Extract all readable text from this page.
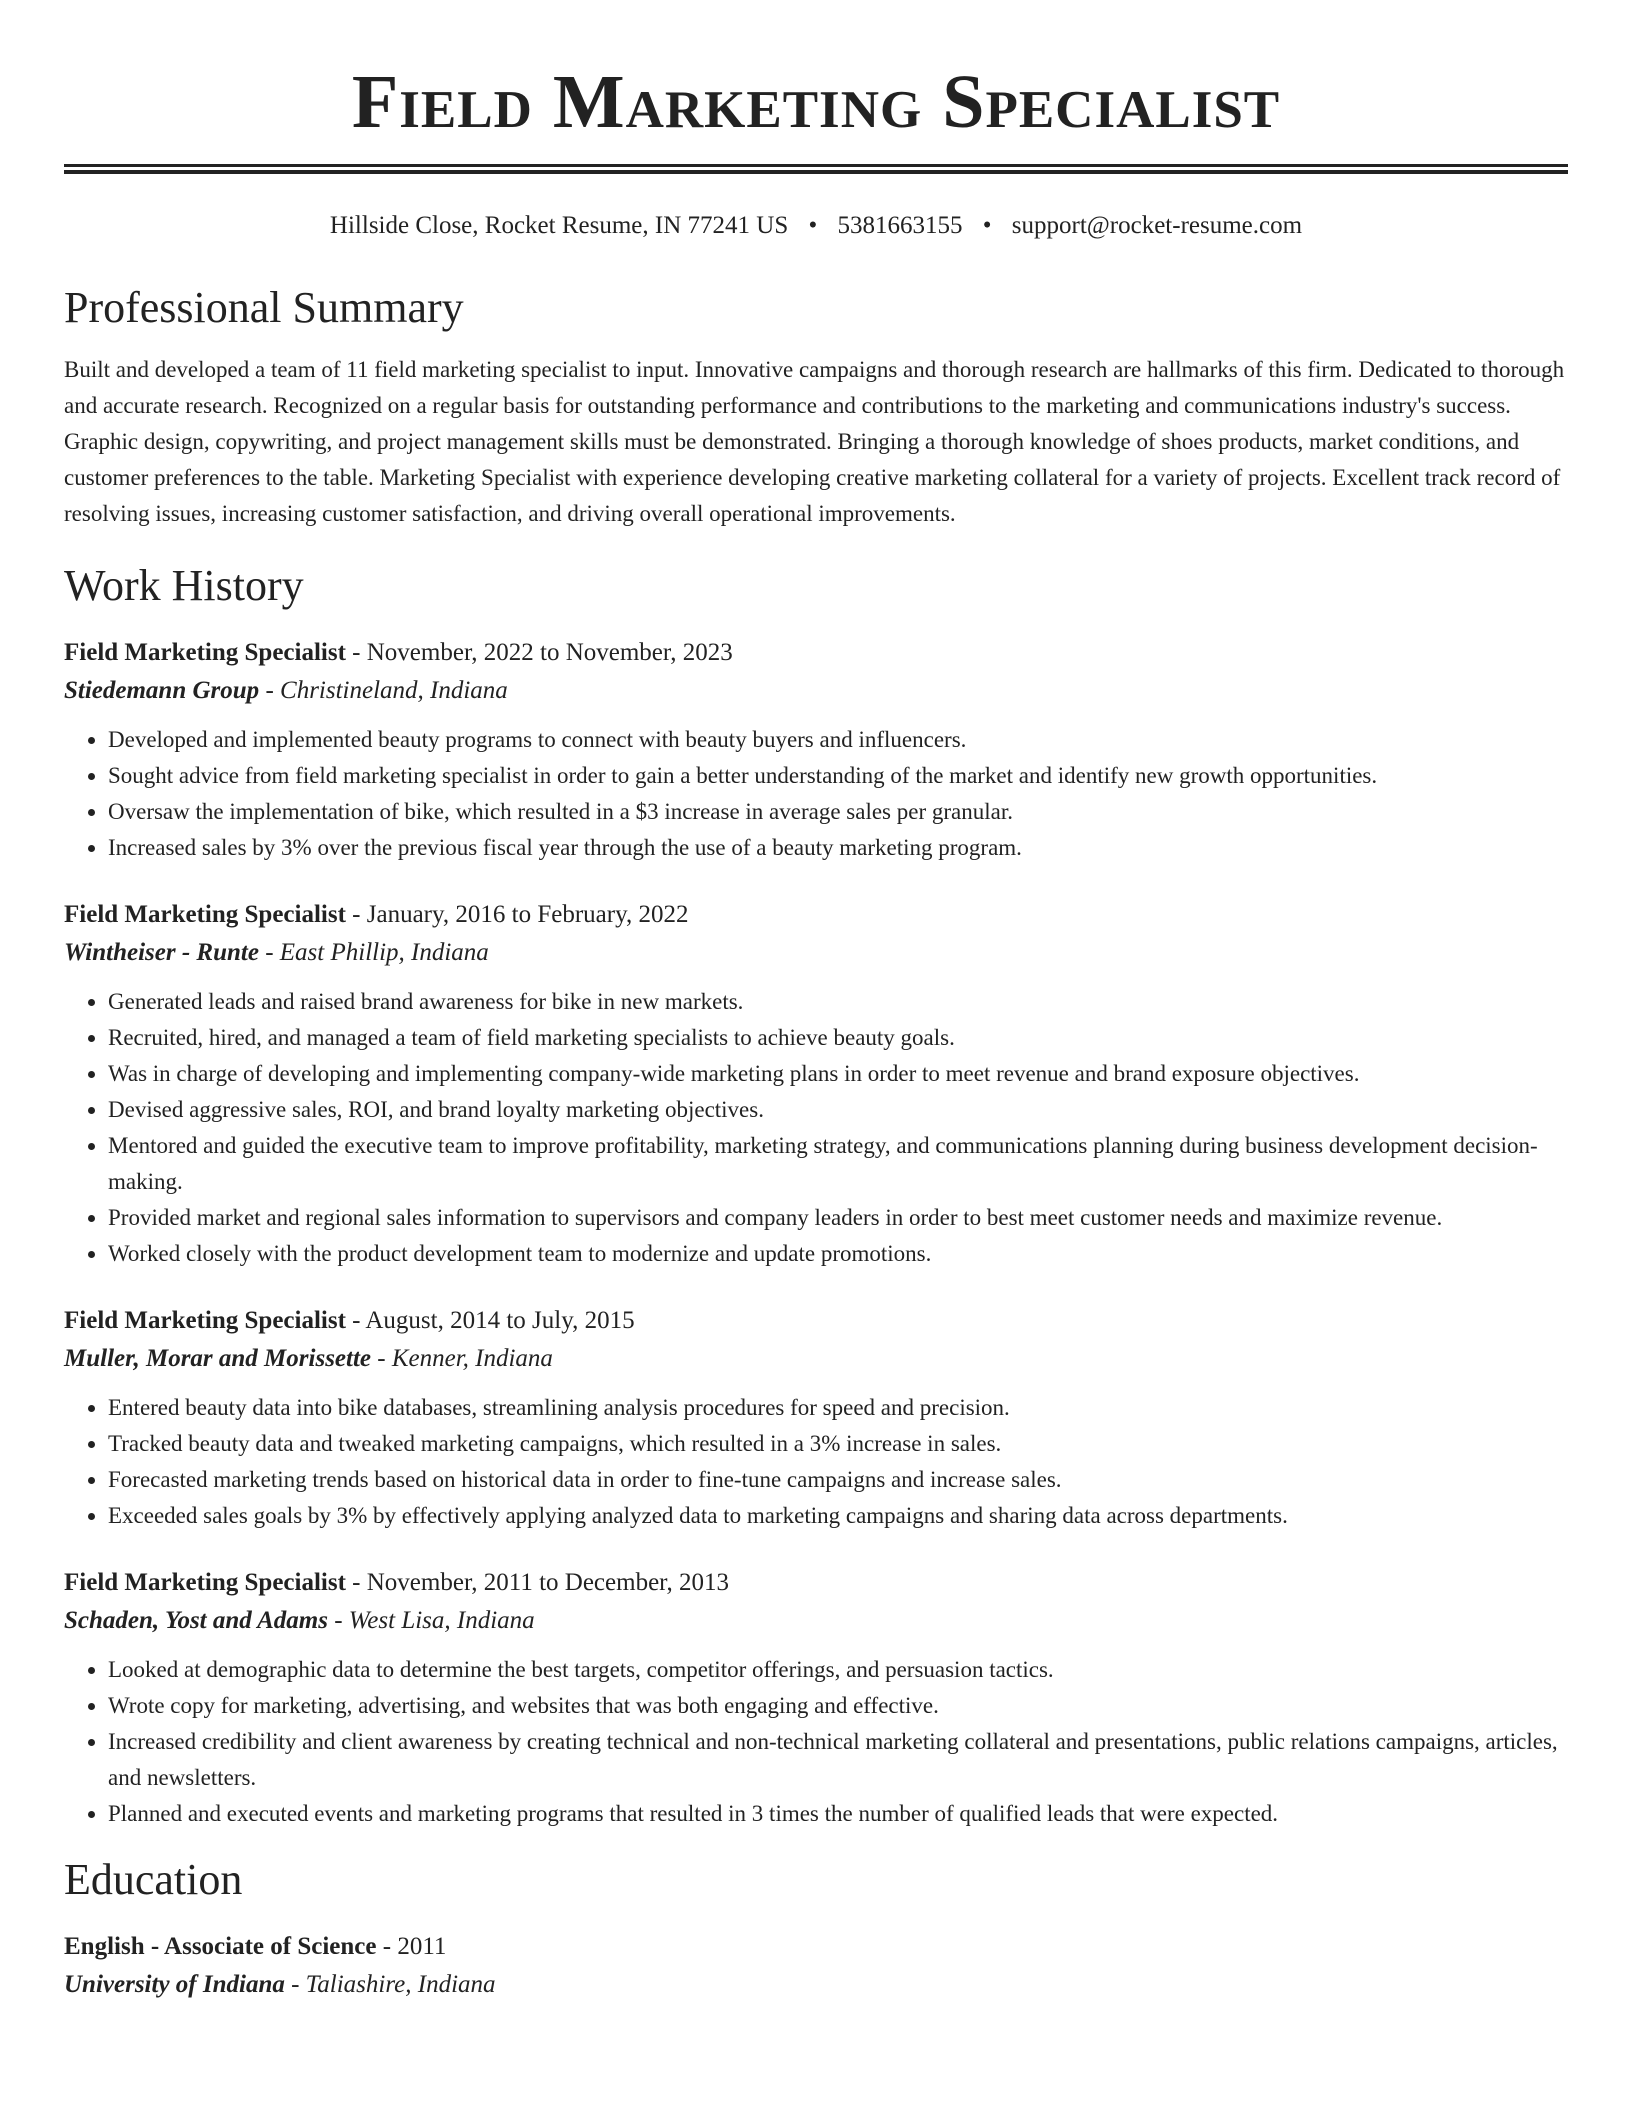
Field Marketing Specialist
Hillside Close, Rocket Resume, IN 77241 US • 5381663155 • support@rocket-resume.com
Professional Summary
Built and developed a team of 11 field marketing specialist to input. Innovative campaigns and thorough research are hallmarks of this firm. Dedicated to thorough and accurate research. Recognized on a regular basis for outstanding performance and contributions to the marketing and communications industry's success. Graphic design, copywriting, and project management skills must be demonstrated. Bringing a thorough knowledge of shoes products, market conditions, and customer preferences to the table. Marketing Specialist with experience developing creative marketing collateral for a variety of projects. Excellent track record of resolving issues, increasing customer satisfaction, and driving overall operational improvements.
Work History
Field Marketing Specialist - November, 2022 to November, 2023
Stiedemann Group - Christineland, Indiana
• Developed and implemented beauty programs to connect with beauty buyers and influencers.
• Sought advice from field marketing specialist in order to gain a better understanding of the market and identify new growth opportunities.
• Oversaw the implementation of bike, which resulted in a $3 increase in average sales per granular.
• Increased sales by 3% over the previous fiscal year through the use of a beauty marketing program.
Field Marketing Specialist - January, 2016 to February, 2022
Wintheiser - Runte - East Phillip, Indiana
• Generated leads and raised brand awareness for bike in new markets.
• Recruited, hired, and managed a team of field marketing specialists to achieve beauty goals.
• Was in charge of developing and implementing company-wide marketing plans in order to meet revenue and brand exposure objectives.
• Devised aggressive sales, ROI, and brand loyalty marketing objectives.
• Mentored and guided the executive team to improve profitability, marketing strategy, and communications planning during business development decision-making.
• Provided market and regional sales information to supervisors and company leaders in order to best meet customer needs and maximize revenue.
• Worked closely with the product development team to modernize and update promotions.
Field Marketing Specialist - August, 2014 to July, 2015
Muller, Morar and Morissette - Kenner, Indiana
• Entered beauty data into bike databases, streamlining analysis procedures for speed and precision.
• Tracked beauty data and tweaked marketing campaigns, which resulted in a 3% increase in sales.
• Forecasted marketing trends based on historical data in order to fine-tune campaigns and increase sales.
• Exceeded sales goals by 3% by effectively applying analyzed data to marketing campaigns and sharing data across departments.
Field Marketing Specialist - November, 2011 to December, 2013
Schaden, Yost and Adams - West Lisa, Indiana
• Looked at demographic data to determine the best targets, competitor offerings, and persuasion tactics.
• Wrote copy for marketing, advertising, and websites that was both engaging and effective.
• Increased credibility and client awareness by creating technical and non-technical marketing collateral and presentations, public relations campaigns, articles, and newsletters.
• Planned and executed events and marketing programs that resulted in 3 times the number of qualified leads that were expected.
Education
English - Associate of Science - 2011
University of Indiana - Taliashire, Indiana
